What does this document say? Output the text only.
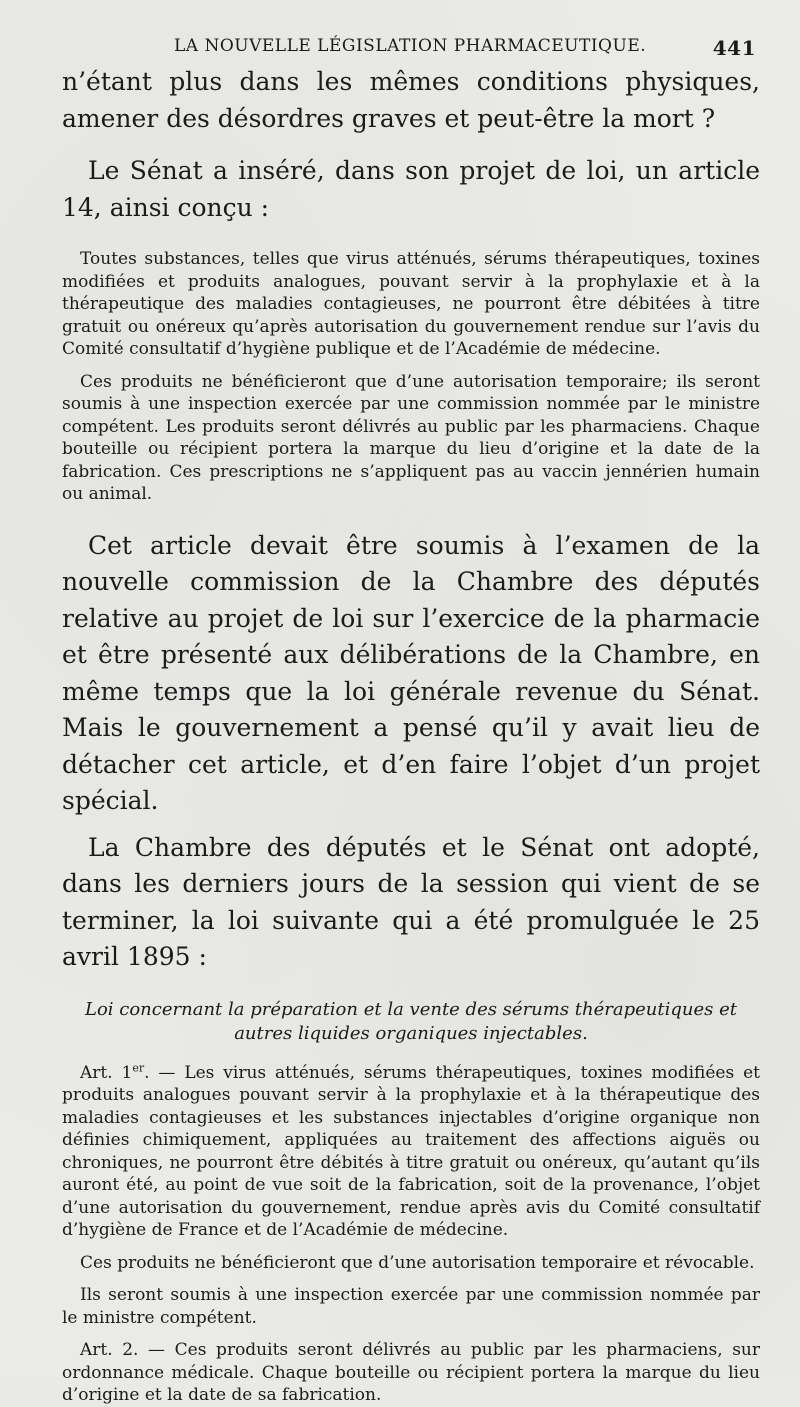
LA NOUVELLE LÉGISLATION PHARMACEUTIQUE.	441

n’étant plus dans les mêmes conditions physiques, amener des désordres graves et peut-être la mort ?

Le Sénat a inséré, dans son projet de loi, un article 14, ainsi conçu :

Toutes substances, telles que virus atténués, sérums thérapeutiques, toxines modifiées et produits analogues, pouvant servir à la prophylaxie et à la thérapeutique des maladies contagieuses, ne pourront être débitées à titre gratuit ou onéreux qu’après autorisation du gouvernement rendue sur l’avis du Comité consultatif d’hygiène publique et de l’Académie de médecine.

Ces produits ne bénéficieront que d’une autorisation temporaire; ils seront soumis à une inspection exercée par une commission nommée par le ministre compétent. Les produits seront délivrés au public par les pharmaciens. Chaque bouteille ou récipient portera la marque du lieu d’origine et la date de la fabrication. Ces prescriptions ne s’appliquent pas au vaccin jennérien humain ou animal.

Cet article devait être soumis à l’examen de la nouvelle commission de la Chambre des députés relative au projet de loi sur l’exercice de la pharmacie et être présenté aux délibérations de la Chambre, en même temps que la loi générale revenue du Sénat. Mais le gouvernement a pensé qu’il y avait lieu de détacher cet article, et d’en faire l’objet d’un projet spécial.

La Chambre des députés et le Sénat ont adopté, dans les derniers jours de la session qui vient de se terminer, la loi suivante qui a été promulguée le 25 avril 1895 :

Loi concernant la préparation et la vente des sérums thérapeutiques et autres liquides organiques injectables.

Art. 1er. — Les virus atténués, sérums thérapeutiques, toxines modifiées et produits analogues pouvant servir à la prophylaxie et à la thérapeutique des maladies contagieuses et les substances injectables d’origine organique non définies chimiquement, appliquées au traitement des affections aiguës ou chroniques, ne pourront être débités à titre gratuit ou onéreux, qu’autant qu’ils auront été, au point de vue soit de la fabrication, soit de la provenance, l’objet d’une autorisation du gouvernement, rendue après avis du Comité consultatif d’hygiène de France et de l’Académie de médecine.

Ces produits ne bénéficieront que d’une autorisation temporaire et révocable.

Ils seront soumis à une inspection exercée par une commission nommée par le ministre compétent.

Art. 2. — Ces produits seront délivrés au public par les pharmaciens, sur ordonnance médicale. Chaque bouteille ou récipient portera la marque du lieu d’origine et la date de sa fabrication.
